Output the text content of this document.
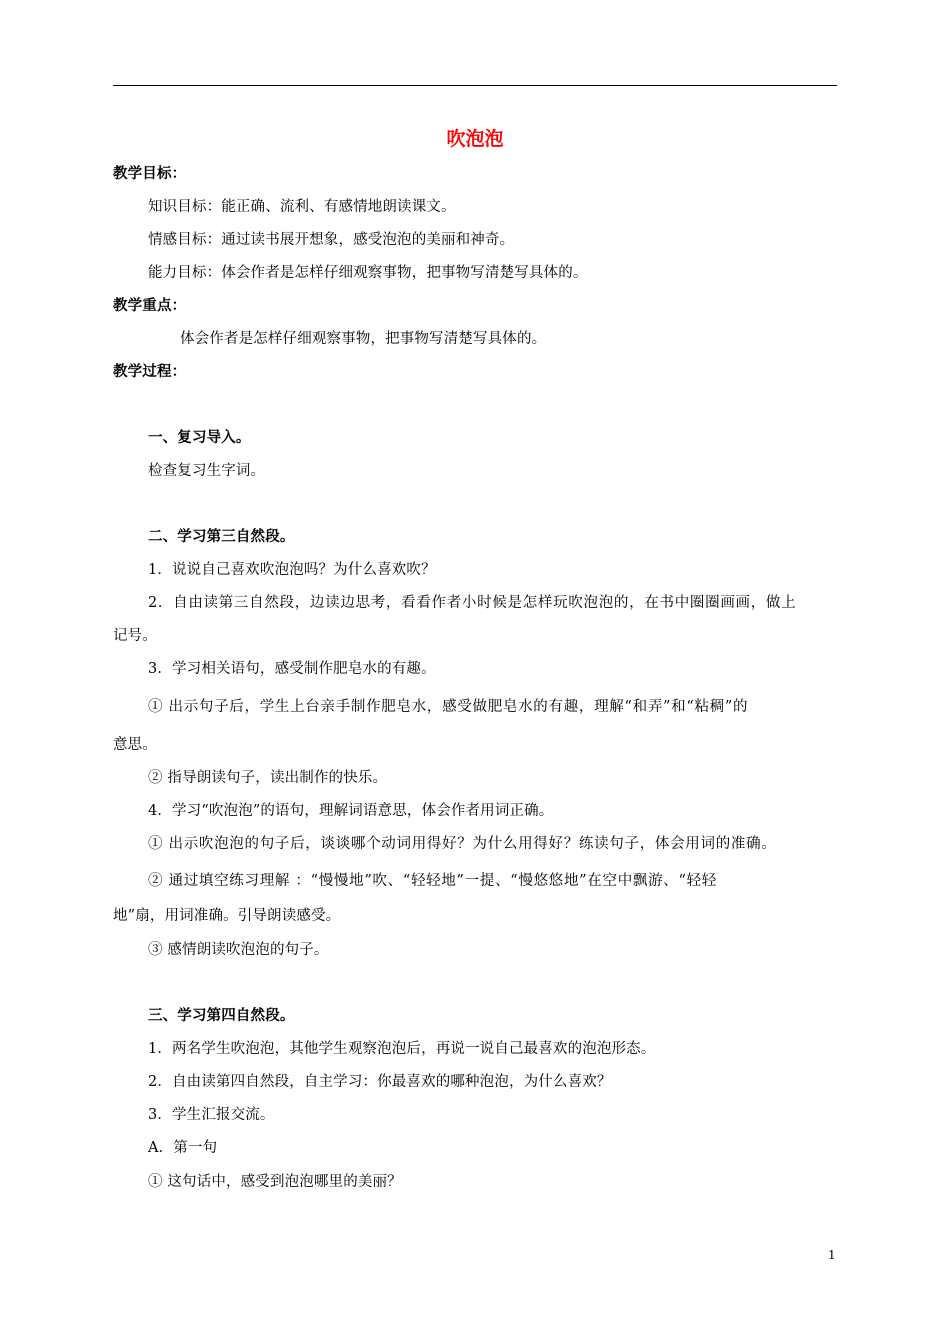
吹泡泡
教学目标：
知识目标：能正确、流利、有感情地朗读课文。
情感目标：通过读书展开想象，感受泡泡的美丽和神奇。
能力目标：体会作者是怎样仔细观察事物，把事物写清楚写具体的。
教学重点：
体会作者是怎样仔细观察事物，把事物写清楚写具体的。
教学过程：
一、复习导入。
检查复习生字词。
二、学习第三自然段。
1．说说自己喜欢吹泡泡吗？为什么喜欢吹？
2．自由读第三自然段，边读边思考，看看作者小时候是怎样玩吹泡泡的，在书中圈圈画画，做上
记号。
3．学习相关语句，感受制作肥皂水的有趣。
① 出示句子后，学生上台亲手制作肥皂水，感受做肥皂水的有趣，理解“和弄”和“粘稠”的
意思。
② 指导朗读句子，读出制作的快乐。
4．学习“吹泡泡”的语句，理解词语意思，体会作者用词正确。
① 出示吹泡泡的句子后，谈谈哪个动词用得好？为什么用得好？练读句子，体会用词的准确。
② 通过填空练习理解 ：“慢慢地”吹、“轻轻地”一提、“慢悠悠地”在空中飘游、“轻轻
地”扇，用词准确。引导朗读感受。
③ 感情朗读吹泡泡的句子。
三、学习第四自然段。
1．两名学生吹泡泡，其他学生观察泡泡后，再说一说自己最喜欢的泡泡形态。
2．自由读第四自然段，自主学习：你最喜欢的哪种泡泡，为什么喜欢？
3．学生汇报交流。
A．第一句
① 这句话中，感受到泡泡哪里的美丽？
1
